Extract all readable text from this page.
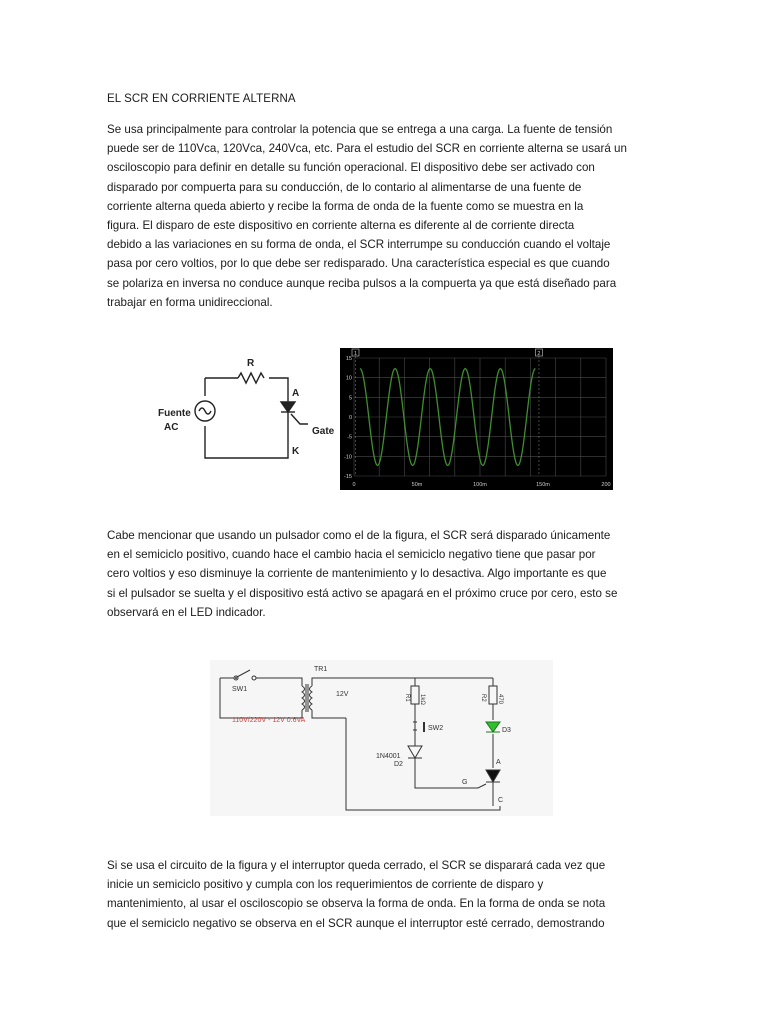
EL SCR EN CORRIENTE ALTERNA
Se usa principalmente para controlar la potencia que se entrega a una carga. La fuente de tensión
puede ser de 110Vca, 120Vca, 240Vca, etc. Para el estudio del SCR en corriente alterna se usará un
osciloscopio para definir en detalle su función operacional. El dispositivo debe ser activado con
disparado por compuerta para su conducción, de lo contario al alimentarse de una fuente de
corriente alterna queda abierto y recibe la forma de onda de la fuente como se muestra en la
figura. El disparo de este dispositivo en corriente alterna es diferente al de corriente directa
debido a las variaciones en su forma de onda, el SCR interrumpe su conducción cuando el voltaje
pasa por cero voltios, por lo que debe ser redisparado. Una característica especial es que cuando
se polariza en inversa no conduce aunque reciba pulsos a la compuerta ya que está diseñado para
trabajar en forma unidireccional.
Fuente
AC
R
A
K
Gate
15
10
5
0
-5
-10
-15
0	50m	100m	150m	200
1	2
Cabe mencionar que usando un pulsador como el de la figura, el SCR será disparado únicamente
en el semiciclo positivo, cuando hace el cambio hacia el semiciclo negativo tiene que pasar por
cero voltios y eso disminuye la corriente de mantenimiento y lo desactiva. Algo importante es que
si el pulsador se suelta y el dispositivo está activo se apagará en el próximo cruce por cero, esto se
observará en el LED indicador.
SW1
TR1
12V
110V/220V - 12V 0.6VA
1kΩ
R1	470
R2
SW2	D3
1N4001
D2
G
A
C
Si se usa el circuito de la figura y el interruptor queda cerrado, el SCR se disparará cada vez que
inicie un semiciclo positivo y cumpla con los requerimientos de corriente de disparo y
mantenimiento, al usar el osciloscopio se observa la forma de onda. En la forma de onda se nota
que el semiciclo negativo se observa en el SCR aunque el interruptor esté cerrado, demostrando
